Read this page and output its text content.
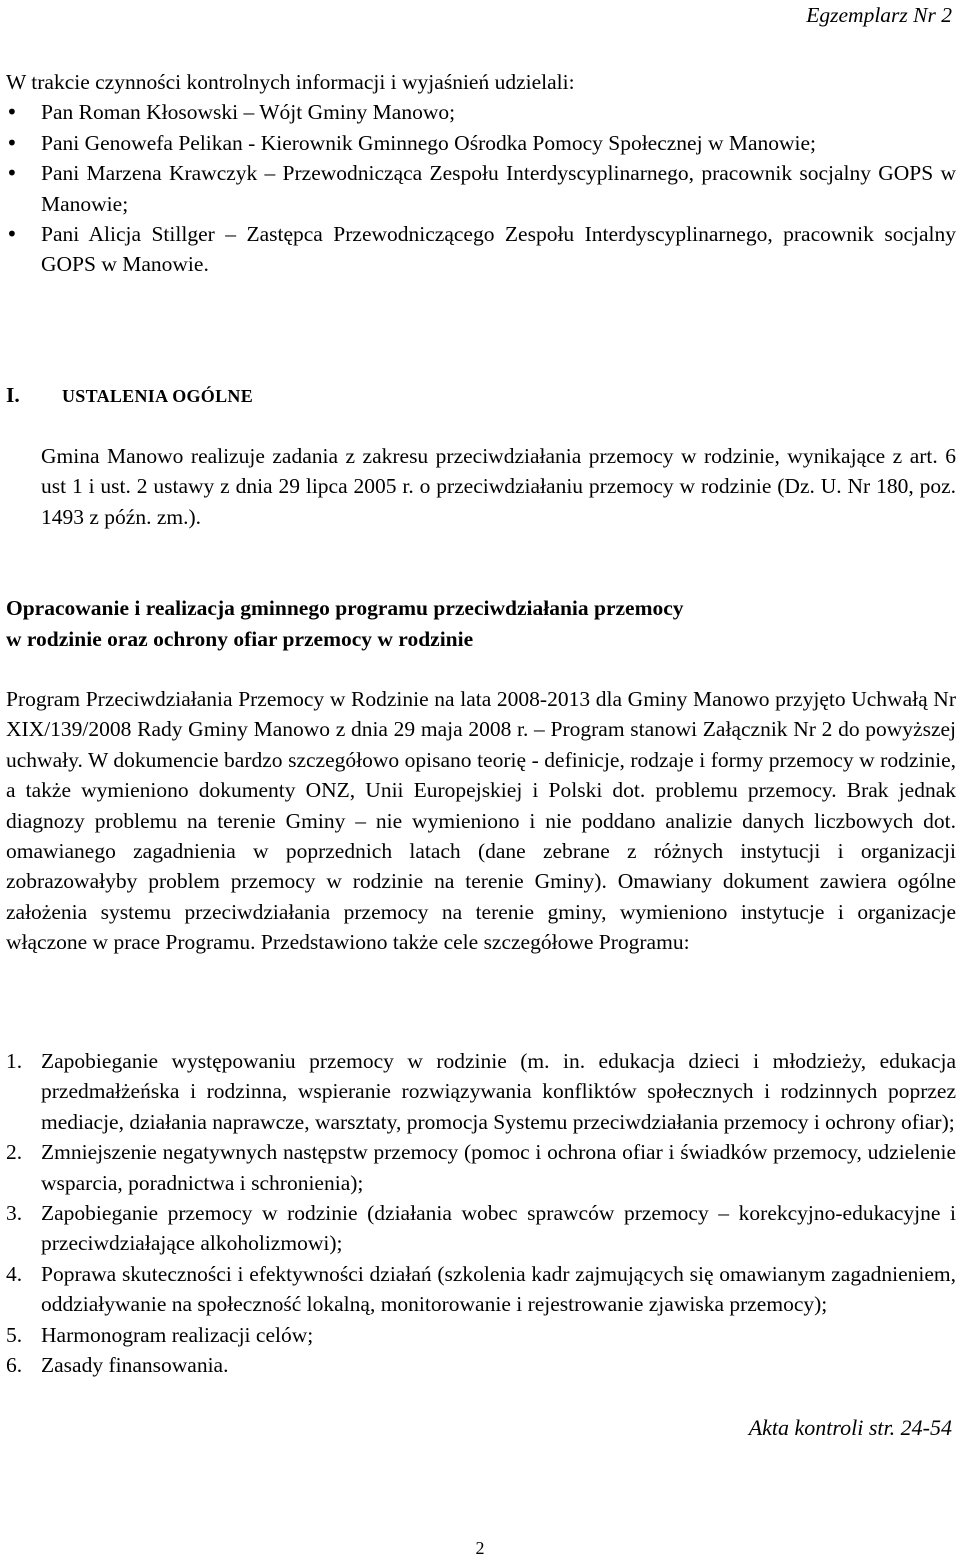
Egzemplarz Nr 2
W trakcie czynności kontrolnych informacji i wyjaśnień udzielali:
•	Pan Roman Kłosowski – Wójt Gminy Manowo;
•	Pani Genowefa Pelikan - Kierownik Gminnego Ośrodka Pomocy Społecznej w Manowie;
•	Pani Marzena Krawczyk – Przewodnicząca Zespołu Interdyscyplinarnego, pracownik socjalny GOPS w Manowie;
•	Pani Alicja Stillger – Zastępca Przewodniczącego Zespołu Interdyscyplinarnego, pracownik socjalny GOPS w Manowie.
I. USTALENIA OGÓLNE
Gmina Manowo realizuje zadania z zakresu przeciwdziałania przemocy w rodzinie, wynikające z art. 6 ust 1 i ust. 2 ustawy z dnia 29 lipca 2005 r. o przeciwdziałaniu przemocy w rodzinie (Dz. U. Nr 180, poz. 1493 z późn. zm.).
Opracowanie i realizacja gminnego programu przeciwdziałania przemocy
w rodzinie oraz ochrony ofiar przemocy w rodzinie
Program Przeciwdziałania Przemocy w Rodzinie na lata 2008-2013 dla Gminy Manowo przyjęto Uchwałą Nr XIX/139/2008 Rady Gminy Manowo z dnia 29 maja 2008 r. – Program stanowi Załącznik Nr 2 do powyższej uchwały. W dokumencie bardzo szczegółowo opisano teorię - definicje, rodzaje i formy przemocy w rodzinie, a także wymieniono dokumenty ONZ, Unii Europejskiej i Polski dot. problemu przemocy. Brak jednak diagnozy problemu na terenie Gminy – nie wymieniono i nie poddano analizie danych liczbowych dot. omawianego zagadnienia w poprzednich latach (dane zebrane z różnych instytucji i organizacji zobrazowałyby problem przemocy w rodzinie na terenie Gminy). Omawiany dokument zawiera ogólne założenia systemu przeciwdziałania przemocy na terenie gminy, wymieniono instytucje i organizacje włączone w prace Programu. Przedstawiono także cele szczegółowe Programu:
1. Zapobieganie występowaniu przemocy w rodzinie (m. in. edukacja dzieci i młodzieży, edukacja przedmałżeńska i rodzinna, wspieranie rozwiązywania konfliktów społecznych i rodzinnych poprzez mediacje, działania naprawcze, warsztaty, promocja Systemu przeciwdziałania przemocy i ochrony ofiar);
2. Zmniejszenie negatywnych następstw przemocy (pomoc i ochrona ofiar i świadków przemocy, udzielenie wsparcia, poradnictwa i schronienia);
3. Zapobieganie przemocy w rodzinie (działania wobec sprawców przemocy – korekcyjno-edukacyjne i przeciwdziałające alkoholizmowi);
4. Poprawa skuteczności i efektywności działań (szkolenia kadr zajmujących się omawianym zagadnieniem, oddziaływanie na społeczność lokalną, monitorowanie i rejestrowanie zjawiska przemocy);
5. Harmonogram realizacji celów;
6. Zasady finansowania.
Akta kontroli str. 24-54
2
